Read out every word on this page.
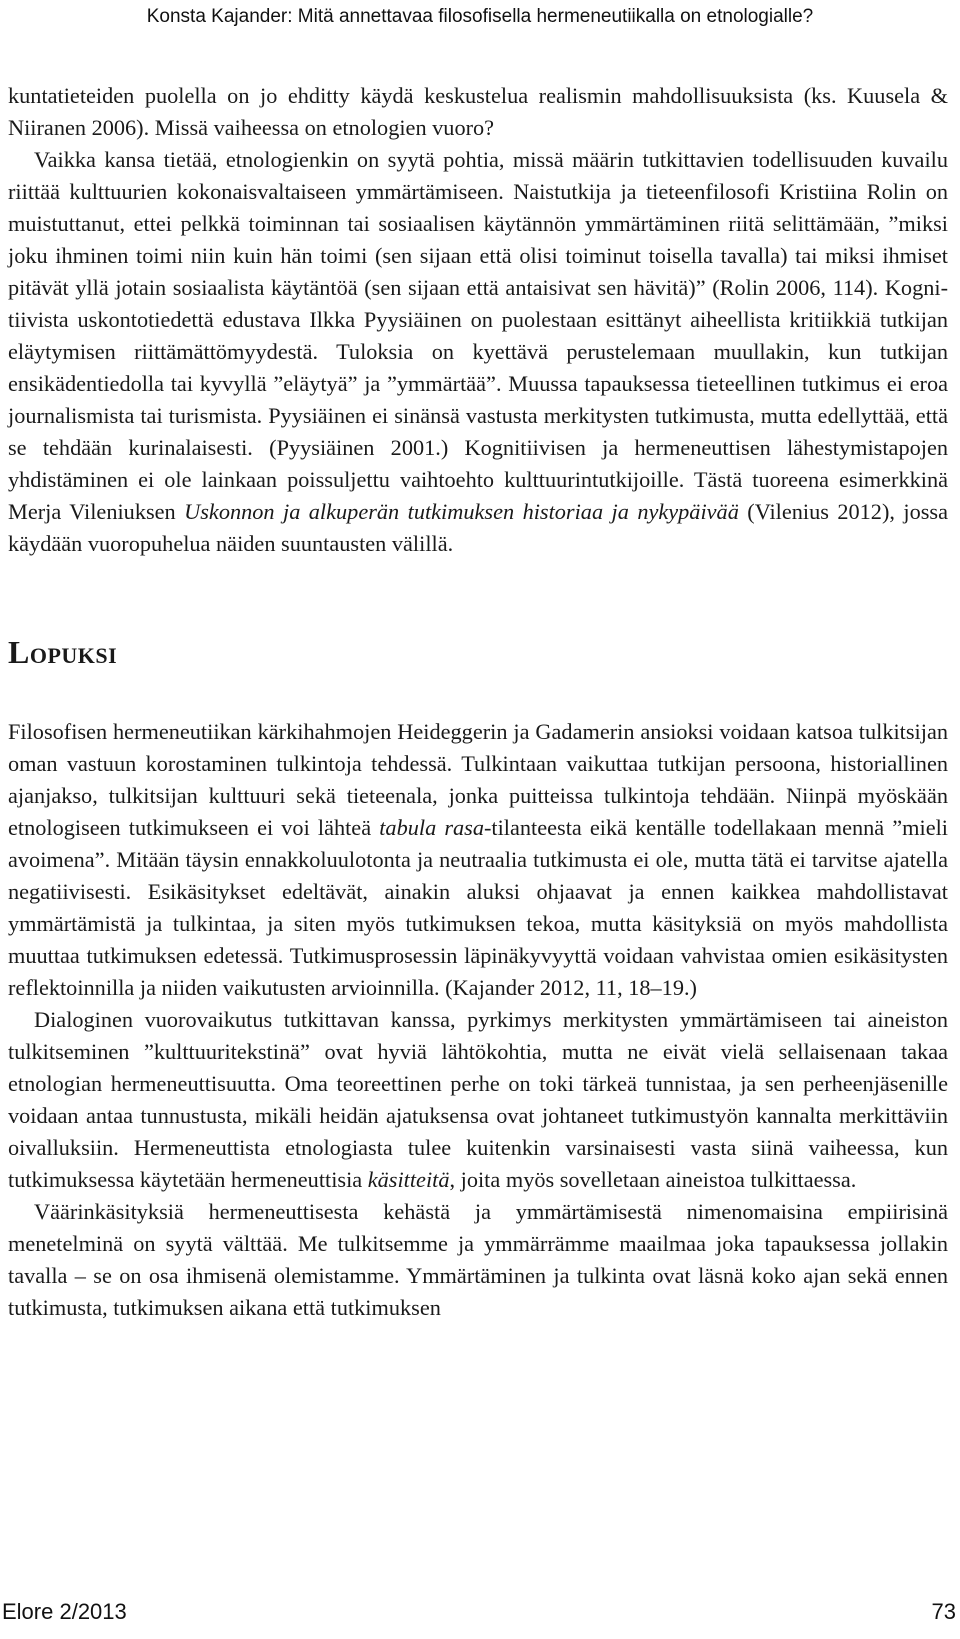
Konsta Kajander: Mitä annettavaa filosofisella hermeneutiikalla on etnologialle?

kuntatieteiden puolella on jo ehditty käydä keskustelua realismin mahdollisuuksista (ks. Kuusela & Niiranen 2006). Missä vaiheessa on etnologien vuoro?

Vaikka kansa tietää, etnologienkin on syytä pohtia, missä määrin tutkittavien todellisuuden kuvailu riittää kulttuurien kokonaisvaltaiseen ymmärtämiseen. Naistutkija ja tieteenfilosofi Kristiina Rolin on muistuttanut, ettei pelkkä toiminnan tai sosiaalisen käytännön ymmärtäminen riitä selittämään, ”miksi joku ihminen toimi niin kuin hän toimi (sen sijaan että olisi toiminut toisella tavalla) tai miksi ihmiset pitävät yllä jotain sosiaalista käytäntöä (sen sijaan että antaisivat sen hävitä)” (Rolin 2006, 114). Kognitiivista uskontotiedettä edustava Ilkka Pyysiäinen on puolestaan esittänyt aiheellista kritiikkiä tutkijan eläytymisen riittämättömyydestä. Tuloksia on kyettävä perustelemaan muullakin, kun tutkijan ensikädentiedolla tai kyvyllä ”eläytyä” ja ”ymmärtää”. Muussa tapauksessa tieteellinen tutkimus ei eroa journalismista tai turismista. Pyysiäinen ei sinänsä vastusta merkitysten tutkimusta, mutta edellyttää, että se tehdään kurinalaisesti. (Pyysiäinen 2001.) Kognitiivisen ja hermeneuttisen lähestymistapojen yhdistäminen ei ole lainkaan poissuljettu vaihtoehto kulttuurintutkijoille. Tästä tuoreena esimerkkinä Merja Vileniuksen Uskonnon ja alkuperän tutkimuksen historiaa ja nykypäivää (Vilenius 2012), jossa käydään vuoropuhelua näiden suuntausten välillä.

Lopuksi

Filosofisen hermeneutiikan kärkihahmojen Heideggerin ja Gadamerin ansioksi voidaan katsoa tulkitsijan oman vastuun korostaminen tulkintoja tehdessä. Tulkintaan vaikuttaa tutkijan persoona, historiallinen ajanjakso, tulkitsijan kulttuuri sekä tieteenala, jonka puitteissa tulkintoja tehdään. Niinpä myöskään etnologiseen tutkimukseen ei voi lähteä tabula rasa-tilanteesta eikä kentälle todellakaan mennä ”mieli avoimena”. Mitään täysin ennakkoluulotonta ja neutraalia tutkimusta ei ole, mutta tätä ei tarvitse ajatella negatiivisesti. Esikäsitykset edeltävät, ainakin aluksi ohjaavat ja ennen kaikkea mahdollistavat ymmärtämistä ja tulkintaa, ja siten myös tutkimuksen tekoa, mutta käsityksiä on myös mahdollista muuttaa tutkimuksen edetessä. Tutkimusprosessin läpinäkyvyyttä voidaan vahvistaa omien esikäsitysten reflektoinnilla ja niiden vaikutusten arvioinnilla. (Kajander 2012, 11, 18–19.)

Dialoginen vuorovaikutus tutkittavan kanssa, pyrkimys merkitysten ymmärtämiseen tai aineiston tulkitseminen ”kulttuuritekstinä” ovat hyviä lähtökohtia, mutta ne eivät vielä sellaisenaan takaa etnologian hermeneuttisuutta. Oma teoreettinen perhe on toki tärkeä tunnistaa, ja sen perheenjäsenille voidaan antaa tunnustusta, mikäli heidän ajatuksensa ovat johtaneet tutkimustyön kannalta merkittäviin oivalluksiin. Hermeneuttista etnologiasta tulee kuitenkin varsinaisesti vasta siinä vaiheessa, kun tutkimuksessa käytetään hermeneuttisia käsitteitä, joita myös sovelletaan aineistoa tulkittaessa.

Väärinkäsityksiä hermeneuttisesta kehästä ja ymmärtämisestä nimenomaisina empiirisinä menetelminä on syytä välttää. Me tulkitsemme ja ymmärrämme maailmaa joka tapauksessa jollakin tavalla – se on osa ihmisenä olemistamme. Ymmärtäminen ja tulkinta ovat läsnä koko ajan sekä ennen tutkimusta, tutkimuksen aikana että tutkimuksen

Elore 2/2013	73
